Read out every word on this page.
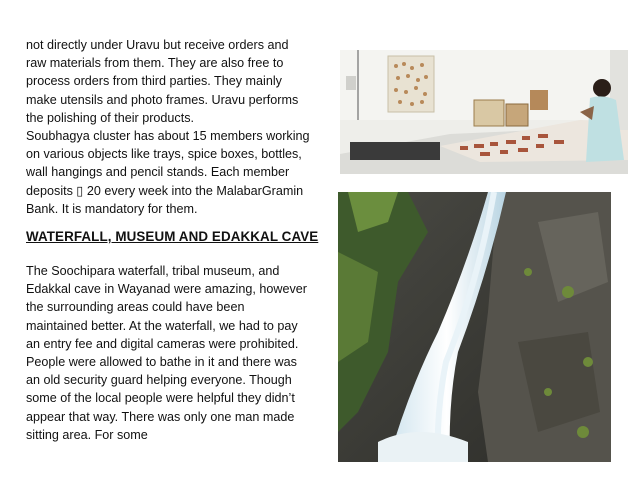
not directly under Uravu but receive orders and
raw materials from them. They are also free to
process orders from third parties. They mainly
make utensils and photo frames. Uravu performs
the polishing of their products.
Soubhagya cluster has about 15 members working
on various objects like trays, spice boxes, bottles,
wall hangings and pencil stands. Each member
deposits ▯ 20 every week into the MalabarGramin
Bank. It is mandatory for them.
WATERFALL, MUSEUM AND EDAKKAL CAVE
The Soochipara waterfall, tribal museum, and
Edakkal cave in Wayanad were amazing, however
the surrounding areas could have been
maintained better. At the waterfall, we had to pay
an entry fee and digital cameras were prohibited.
People were allowed to bathe in it and there was
an old security guard helping everyone. Though
some of the local people were helpful they didn’t
appear that way. There was only one man made
sitting area. For some
